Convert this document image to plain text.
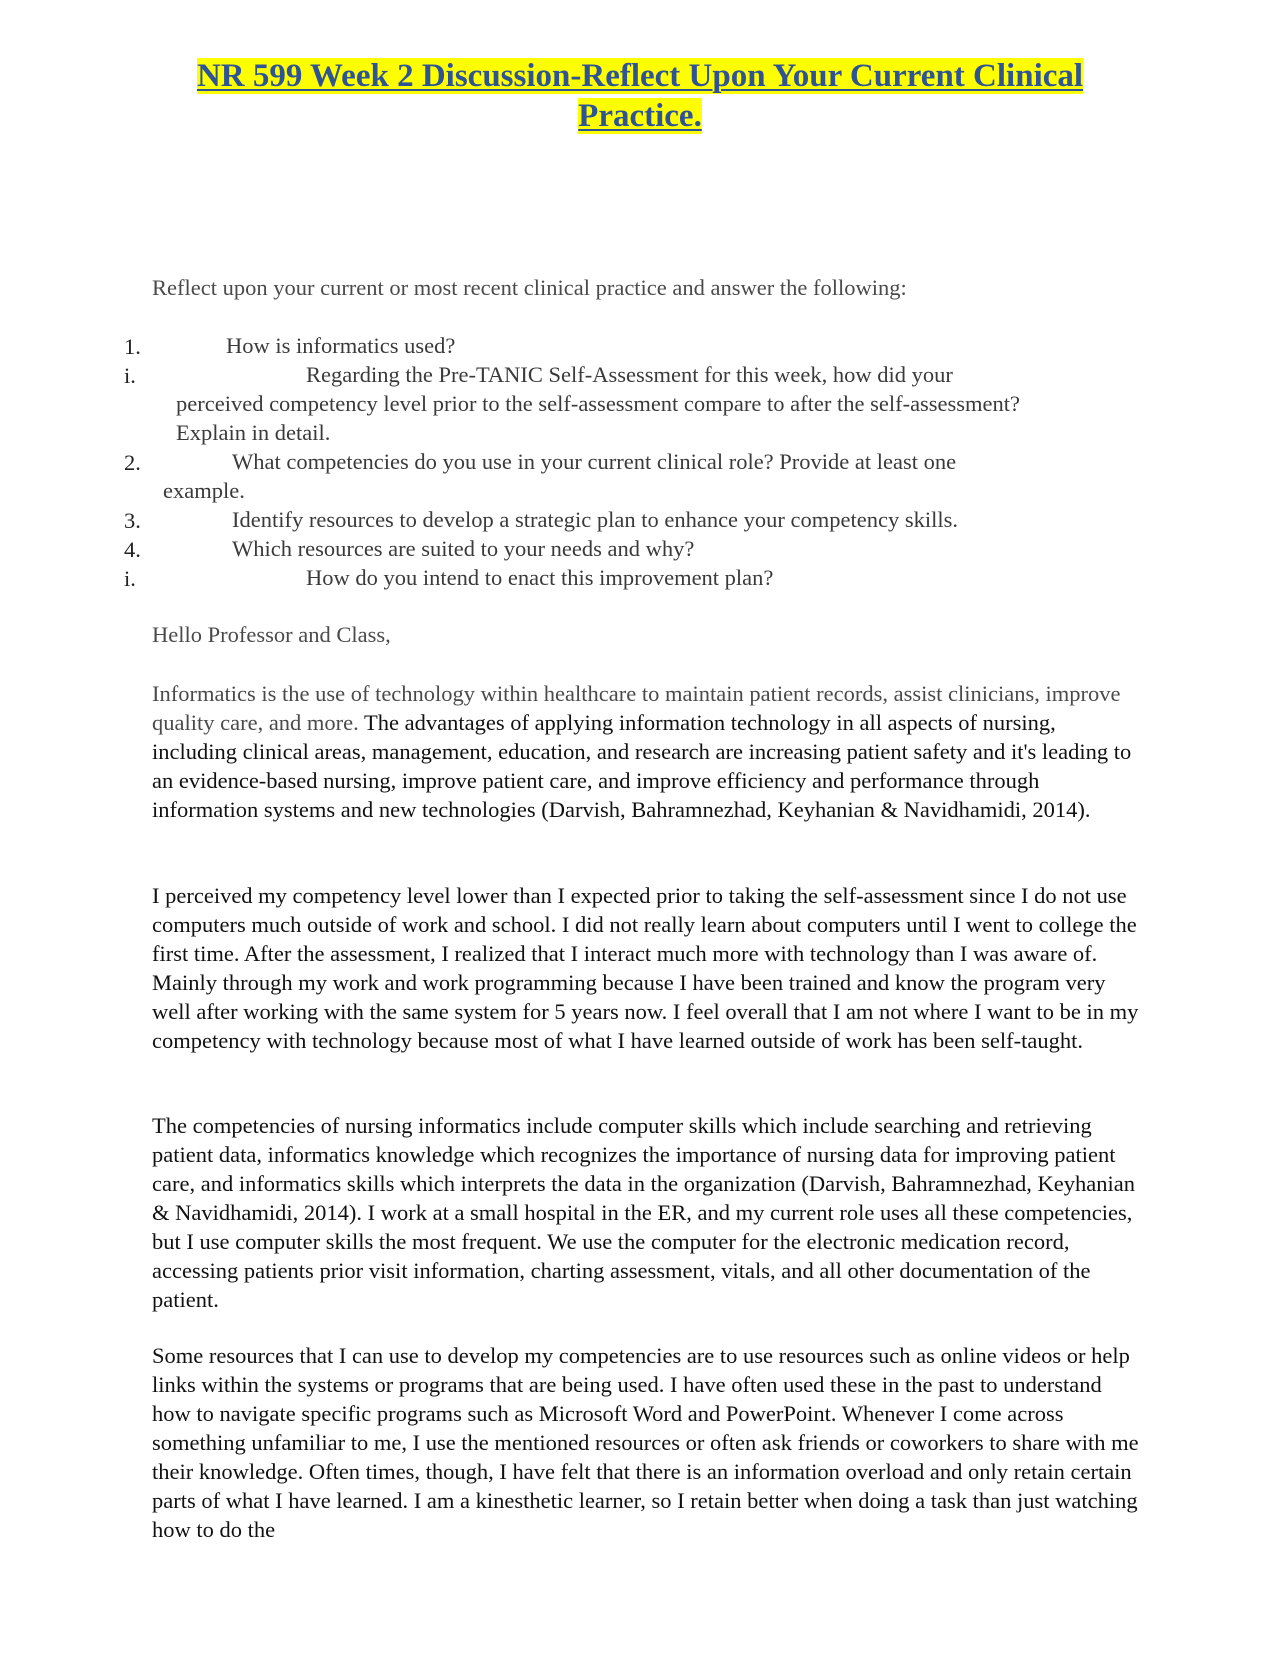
NR 599 Week 2 Discussion-Reflect Upon Your Current Clinical
Practice.
Reflect upon your current or most recent clinical practice and answer the following:
1.	How is informatics used?
i.	Regarding the Pre-TANIC Self-Assessment for this week, how did your
perceived competency level prior to the self-assessment compare to after the self-assessment?
Explain in detail.
2.	What competencies do you use in your current clinical role? Provide at least one
example.
3.	Identify resources to develop a strategic plan to enhance your competency skills.
4.	Which resources are suited to your needs and why?
i.	How do you intend to enact this improvement plan?
Hello Professor and Class,
Informatics is the use of technology within healthcare to maintain patient records, assist clinicians, improve quality care, and more. The advantages of applying information technology in all aspects of nursing, including clinical areas, management, education, and research are increasing patient safety and it's leading to an evidence-based nursing, improve patient care, and improve efficiency and performance through information systems and new technologies (Darvish, Bahramnezhad, Keyhanian & Navidhamidi, 2014).
I perceived my competency level lower than I expected prior to taking the self-assessment since I do not use computers much outside of work and school. I did not really learn about computers until I went to college the first time. After the assessment, I realized that I interact much more with technology than I was aware of. Mainly through my work and work programming because I have been trained and know the program very well after working with the same system for 5 years now. I feel overall that I am not where I want to be in my competency with technology because most of what I have learned outside of work has been self-taught.
The competencies of nursing informatics include computer skills which include searching and retrieving patient data, informatics knowledge which recognizes the importance of nursing data for improving patient care, and informatics skills which interprets the data in the organization (Darvish, Bahramnezhad, Keyhanian & Navidhamidi, 2014). I work at a small hospital in the ER, and my current role uses all these competencies, but I use computer skills the most frequent. We use the computer for the electronic medication record, accessing patients prior visit information, charting assessment, vitals, and all other documentation of the patient.
Some resources that I can use to develop my competencies are to use resources such as online videos or help links within the systems or programs that are being used. I have often used these in the past to understand how to navigate specific programs such as Microsoft Word and PowerPoint. Whenever I come across something unfamiliar to me, I use the mentioned resources or often ask friends or coworkers to share with me their knowledge. Often times, though, I have felt that there is an information overload and only retain certain parts of what I have learned. I am a kinesthetic learner, so I retain better when doing a task than just watching how to do the
